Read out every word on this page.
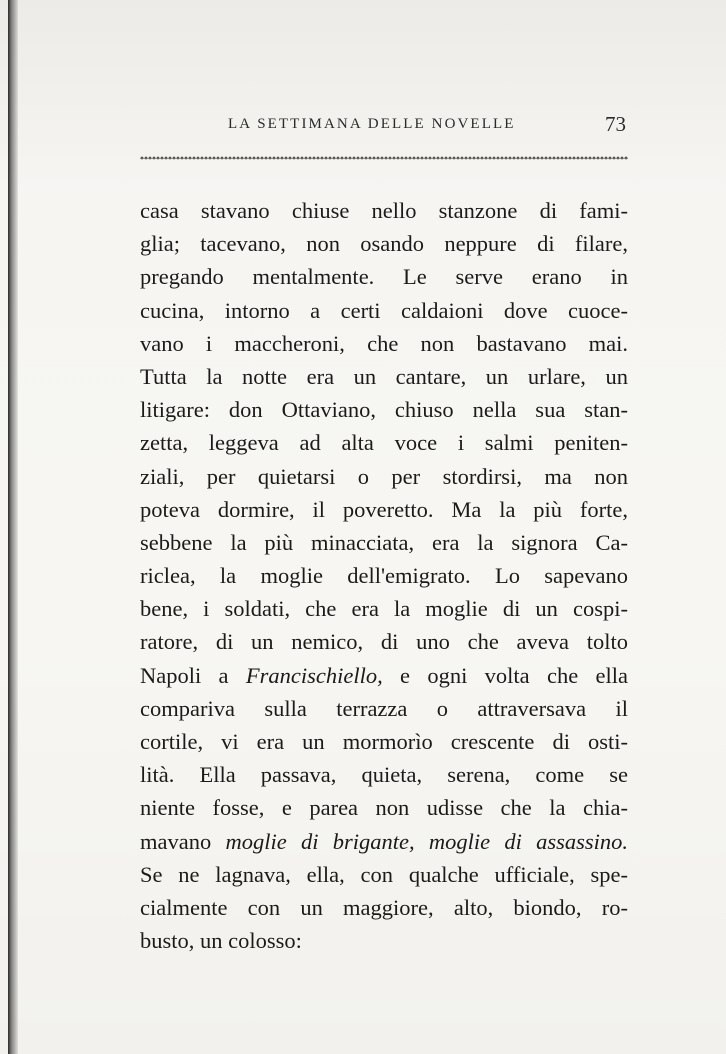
LA SETTIMANA DELLE NOVELLE	73
casa stavano chiuse nello stanzone di fami-
glia; tacevano, non osando neppure di filare,
pregando mentalmente. Le serve erano in
cucina, intorno a certi caldaioni dove cuoce-
vano i maccheroni, che non bastavano mai.
Tutta la notte era un cantare, un urlare, un
litigare: don Ottaviano, chiuso nella sua stan-
zetta, leggeva ad alta voce i salmi peniten-
ziali, per quietarsi o per stordirsi, ma non
poteva dormire, il poveretto. Ma la più forte,
sebbene la più minacciata, era la signora Ca-
riclea, la moglie dell'emigrato. Lo sapevano
bene, i soldati, che era la moglie di un cospi-
ratore, di un nemico, di uno che aveva tolto
Napoli a Francischiello, e ogni volta che ella
compariva sulla terrazza o attraversava il
cortile, vi era un mormorìo crescente di osti-
lità. Ella passava, quieta, serena, come se
niente fosse, e parea non udisse che la chia-
mavano moglie di brigante, moglie di assassino.
Se ne lagnava, ella, con qualche ufficiale, spe-
cialmente con un maggiore, alto, biondo, ro-
busto, un colosso:
